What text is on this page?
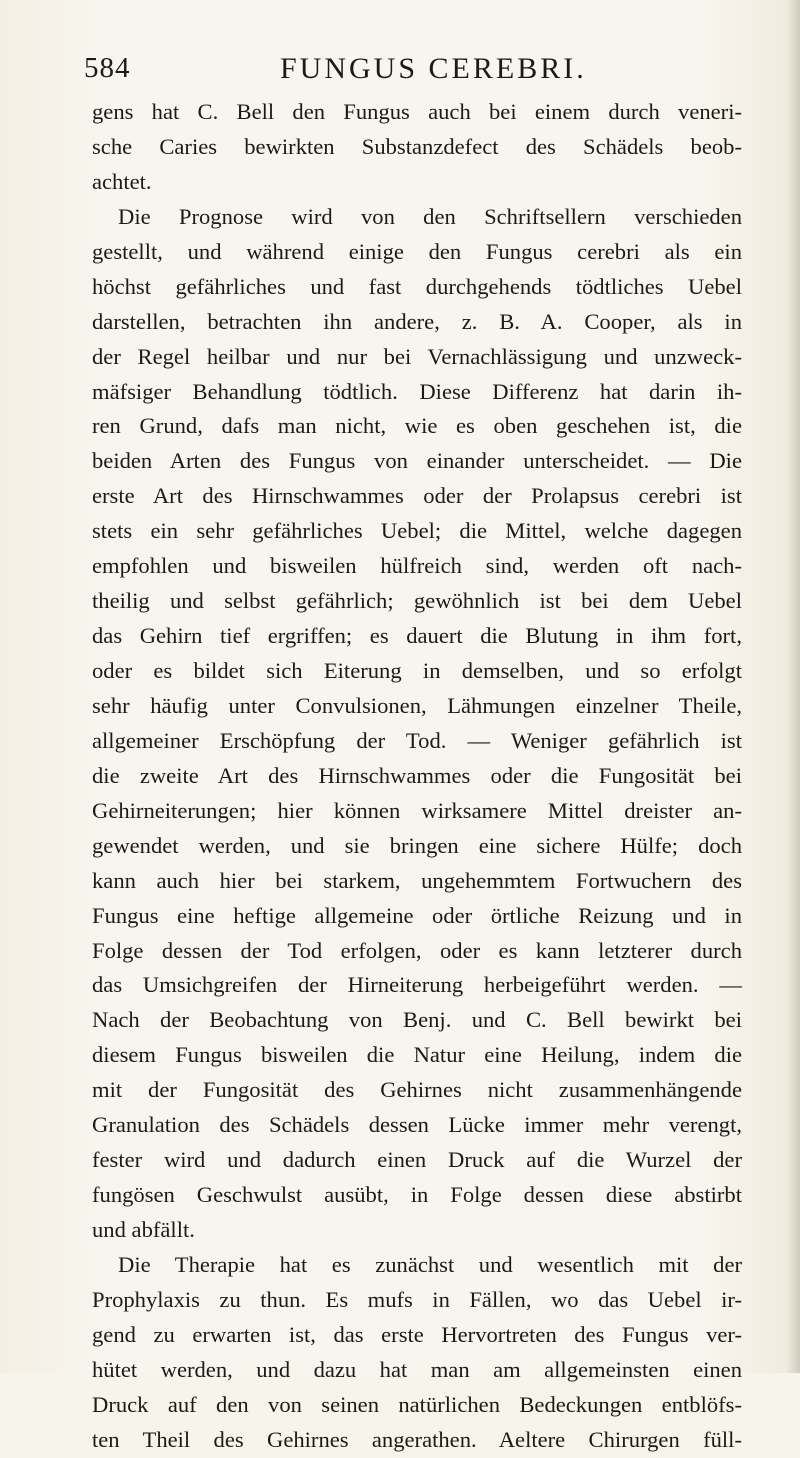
584	FUNGUS CEREBRI.
gens hat C. Bell den Fungus auch bei einem durch veneri-
sche Caries bewirkten Substanzdefect des Schädels beob-
achtet.
Die Prognose wird von den Schriftsellern verschieden
gestellt, und während einige den Fungus cerebri als ein
höchst gefährliches und fast durchgehends tödtliches Uebel
darstellen, betrachten ihn andere, z. B. A. Cooper, als in
der Regel heilbar und nur bei Vernachlässigung und unzweck-
mäfsiger Behandlung tödtlich. Diese Differenz hat darin ih-
ren Grund, dafs man nicht, wie es oben geschehen ist, die
beiden Arten des Fungus von einander unterscheidet. — Die
erste Art des Hirnschwammes oder der Prolapsus cerebri ist
stets ein sehr gefährliches Uebel; die Mittel, welche dagegen
empfohlen und bisweilen hülfreich sind, werden oft nach-
theilig und selbst gefährlich; gewöhnlich ist bei dem Uebel
das Gehirn tief ergriffen; es dauert die Blutung in ihm fort,
oder es bildet sich Eiterung in demselben, und so erfolgt
sehr häufig unter Convulsionen, Lähmungen einzelner Theile,
allgemeiner Erschöpfung der Tod. — Weniger gefährlich ist
die zweite Art des Hirnschwammes oder die Fungosität bei
Gehirneiterungen; hier können wirksamere Mittel dreister an-
gewendet werden, und sie bringen eine sichere Hülfe; doch
kann auch hier bei starkem, ungehemmtem Fortwuchern des
Fungus eine heftige allgemeine oder örtliche Reizung und in
Folge dessen der Tod erfolgen, oder es kann letzterer durch
das Umsichgreifen der Hirneiterung herbeigeführt werden. —
Nach der Beobachtung von Benj. und C. Bell bewirkt bei
diesem Fungus bisweilen die Natur eine Heilung, indem die
mit der Fungosität des Gehirnes nicht zusammenhängende
Granulation des Schädels dessen Lücke immer mehr verengt,
fester wird und dadurch einen Druck auf die Wurzel der
fungösen Geschwulst ausübt, in Folge dessen diese abstirbt
und abfällt.
Die Therapie hat es zunächst und wesentlich mit der
Prophylaxis zu thun. Es mufs in Fällen, wo das Uebel ir-
gend zu erwarten ist, das erste Hervortreten des Fungus ver-
hütet werden, und dazu hat man am allgemeinsten einen
Druck auf den von seinen natürlichen Bedeckungen entblöfs-
ten Theil des Gehirnes angerathen. Aeltere Chirurgen füll-
